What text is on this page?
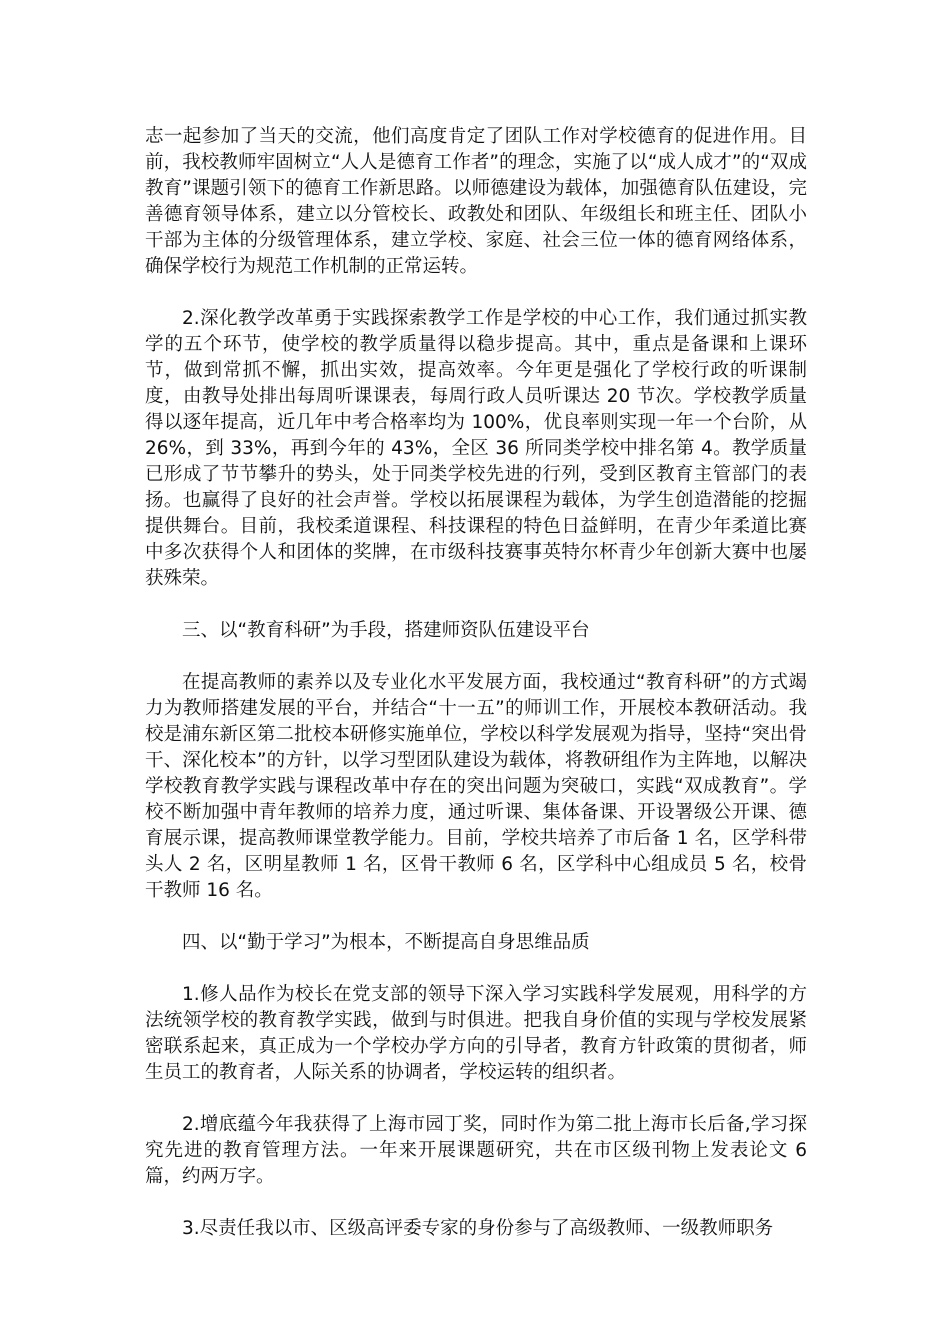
志一起参加了当天的交流，他们高度肯定了团队工作对学校德育的促进作用。目前，我校教师牢固树立“人人是德育工作者”的理念，实施了以“成人成才”的“双成教育”课题引领下的德育工作新思路。以师德建设为载体，加强德育队伍建设，完善德育领导体系，建立以分管校长、政教处和团队、年级组长和班主任、团队小干部为主体的分级管理体系，建立学校、家庭、社会三位一体的德育网络体系，确保学校行为规范工作机制的正常运转。

2.深化教学改革勇于实践探索教学工作是学校的中心工作，我们通过抓实教学的五个环节，使学校的教学质量得以稳步提高。其中，重点是备课和上课环节，做到常抓不懈，抓出实效，提高效率。今年更是强化了学校行政的听课制度，由教导处排出每周听课课表，每周行政人员听课达 20 节次。学校教学质量得以逐年提高，近几年中考合格率均为 100%，优良率则实现一年一个台阶，从 26%，到 33%，再到今年的 43%，全区 36 所同类学校中排名第 4。教学质量已形成了节节攀升的势头，处于同类学校先进的行列，受到区教育主管部门的表扬。也赢得了良好的社会声誉。学校以拓展课程为载体，为学生创造潜能的挖掘提供舞台。目前，我校柔道课程、科技课程的特色日益鲜明，在青少年柔道比赛中多次获得个人和团体的奖牌，在市级科技赛事英特尔杯青少年创新大赛中也屡获殊荣。

三、以“教育科研”为手段，搭建师资队伍建设平台

在提高教师的素养以及专业化水平发展方面，我校通过“教育科研”的方式竭力为教师搭建发展的平台，并结合“十一五”的师训工作，开展校本教研活动。我校是浦东新区第二批校本研修实施单位，学校以科学发展观为指导，坚持“突出骨干、深化校本”的方针，以学习型团队建设为载体，将教研组作为主阵地，以解决学校教育教学实践与课程改革中存在的突出问题为突破口，实践“双成教育”。学校不断加强中青年教师的培养力度，通过听课、集体备课、开设署级公开课、德育展示课，提高教师课堂教学能力。目前，学校共培养了市后备 1 名，区学科带头人 2 名，区明星教师 1 名，区骨干教师 6 名，区学科中心组成员 5 名，校骨干教师 16 名。

四、以“勤于学习”为根本，不断提高自身思维品质

1.修人品作为校长在党支部的领导下深入学习实践科学发展观，用科学的方法统领学校的教育教学实践，做到与时俱进。把我自身价值的实现与学校发展紧密联系起来，真正成为一个学校办学方向的引导者，教育方针政策的贯彻者，师生员工的教育者，人际关系的协调者，学校运转的组织者。

2.增底蕴今年我获得了上海市园丁奖，同时作为第二批上海市长后备,学习探究先进的教育管理方法。一年来开展课题研究，共在市区级刊物上发表论文 6 篇，约两万字。

3.尽责任我以市、区级高评委专家的身份参与了高级教师、一级教师职务
